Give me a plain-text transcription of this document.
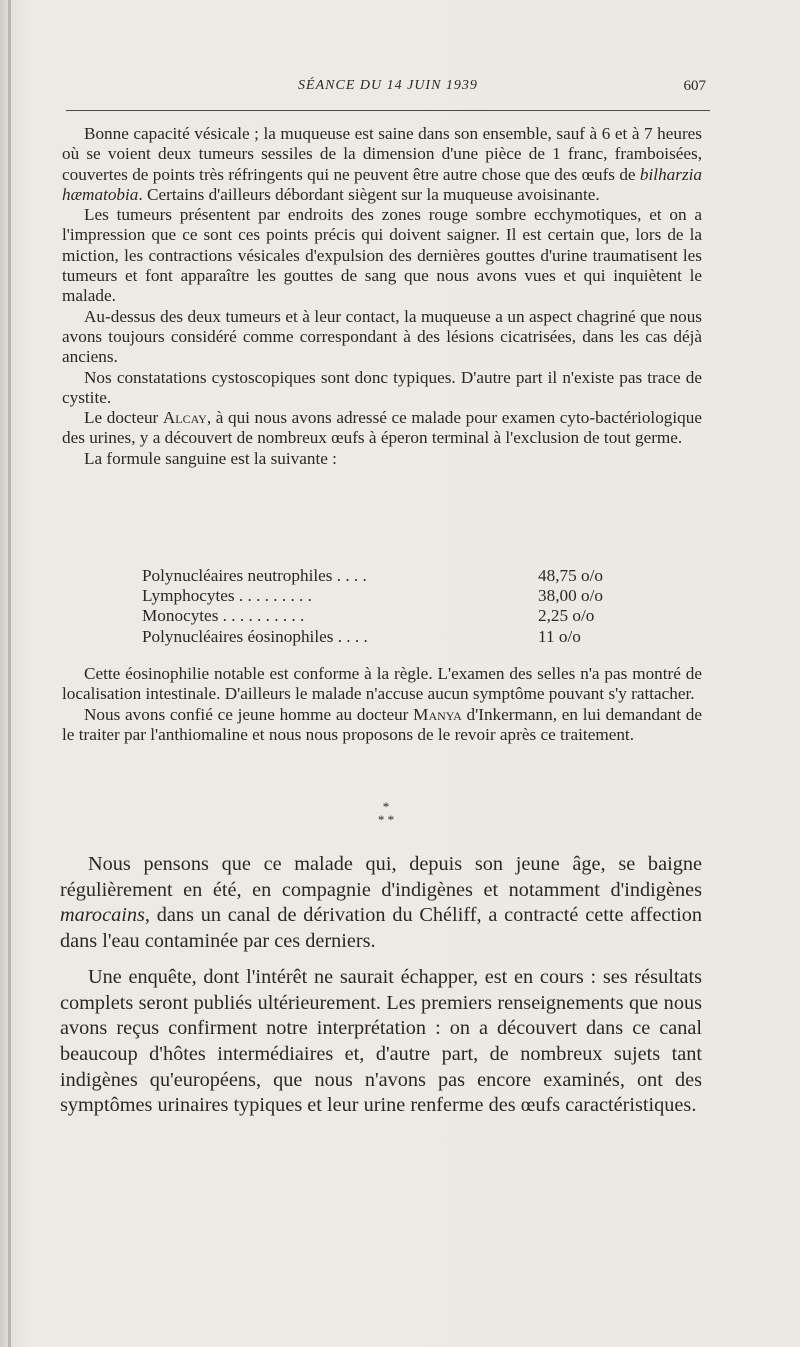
SÉANCE DU 14 JUIN 1939	607

Bonne capacité vésicale ; la muqueuse est saine dans son ensemble, sauf à 6 et à 7 heures où se voient deux tumeurs sessiles de la dimension d'une pièce de 1 franc, framboisées, couvertes de points très réfringents qui ne peuvent être autre chose que des œufs de bilharzia hæmatobia. Certains d'ailleurs débordant siègent sur la muqueuse avoisinante.

Les tumeurs présentent par endroits des zones rouge sombre ecchymotiques, et on a l'impression que ce sont ces points précis qui doivent saigner. Il est certain que, lors de la miction, les contractions vésicales d'expulsion des dernières gouttes d'urine traumatisent les tumeurs et font apparaître les gouttes de sang que nous avons vues et qui inquiètent le malade.

Au-dessus des deux tumeurs et à leur contact, la muqueuse a un aspect chagriné que nous avons toujours considéré comme correspondant à des lésions cicatrisées, dans les cas déjà anciens.

Nos constatations cystoscopiques sont donc typiques. D'autre part il n'existe pas trace de cystite.

Le docteur Alcay, à qui nous avons adressé ce malade pour examen cyto-bactériologique des urines, y a découvert de nombreux œufs à éperon terminal à l'exclusion de tout germe.

La formule sanguine est la suivante :

Polynucléaires neutrophiles . . . .	48,75 o/o
Lymphocytes . . . . . . . . .	38,00 o/o
Monocytes . . . . . . . . . .	2,25 o/o
Polynucléaires éosinophiles . . . .	11 o/o

Cette éosinophilie notable est conforme à la règle. L'examen des selles n'a pas montré de localisation intestinale. D'ailleurs le malade n'accuse aucun symptôme pouvant s'y rattacher.

Nous avons confié ce jeune homme au docteur Manya d'Inkermann, en lui demandant de le traiter par l'anthiomaline et nous nous proposons de le revoir après ce traitement.

*
* *

Nous pensons que ce malade qui, depuis son jeune âge, se baigne régulièrement en été, en compagnie d'indigènes et notamment d'indigènes marocains, dans un canal de dérivation du Chéliff, a contracté cette affection dans l'eau contaminée par ces derniers.

Une enquête, dont l'intérêt ne saurait échapper, est en cours : ses résultats complets seront publiés ultérieurement. Les premiers renseignements que nous avons reçus confirment notre interprétation : on a découvert dans ce canal beaucoup d'hôtes intermédiaires et, d'autre part, de nombreux sujets tant indigènes qu'européens, que nous n'avons pas encore examinés, ont des symptômes urinaires typiques et leur urine renferme des œufs caractéristiques.
